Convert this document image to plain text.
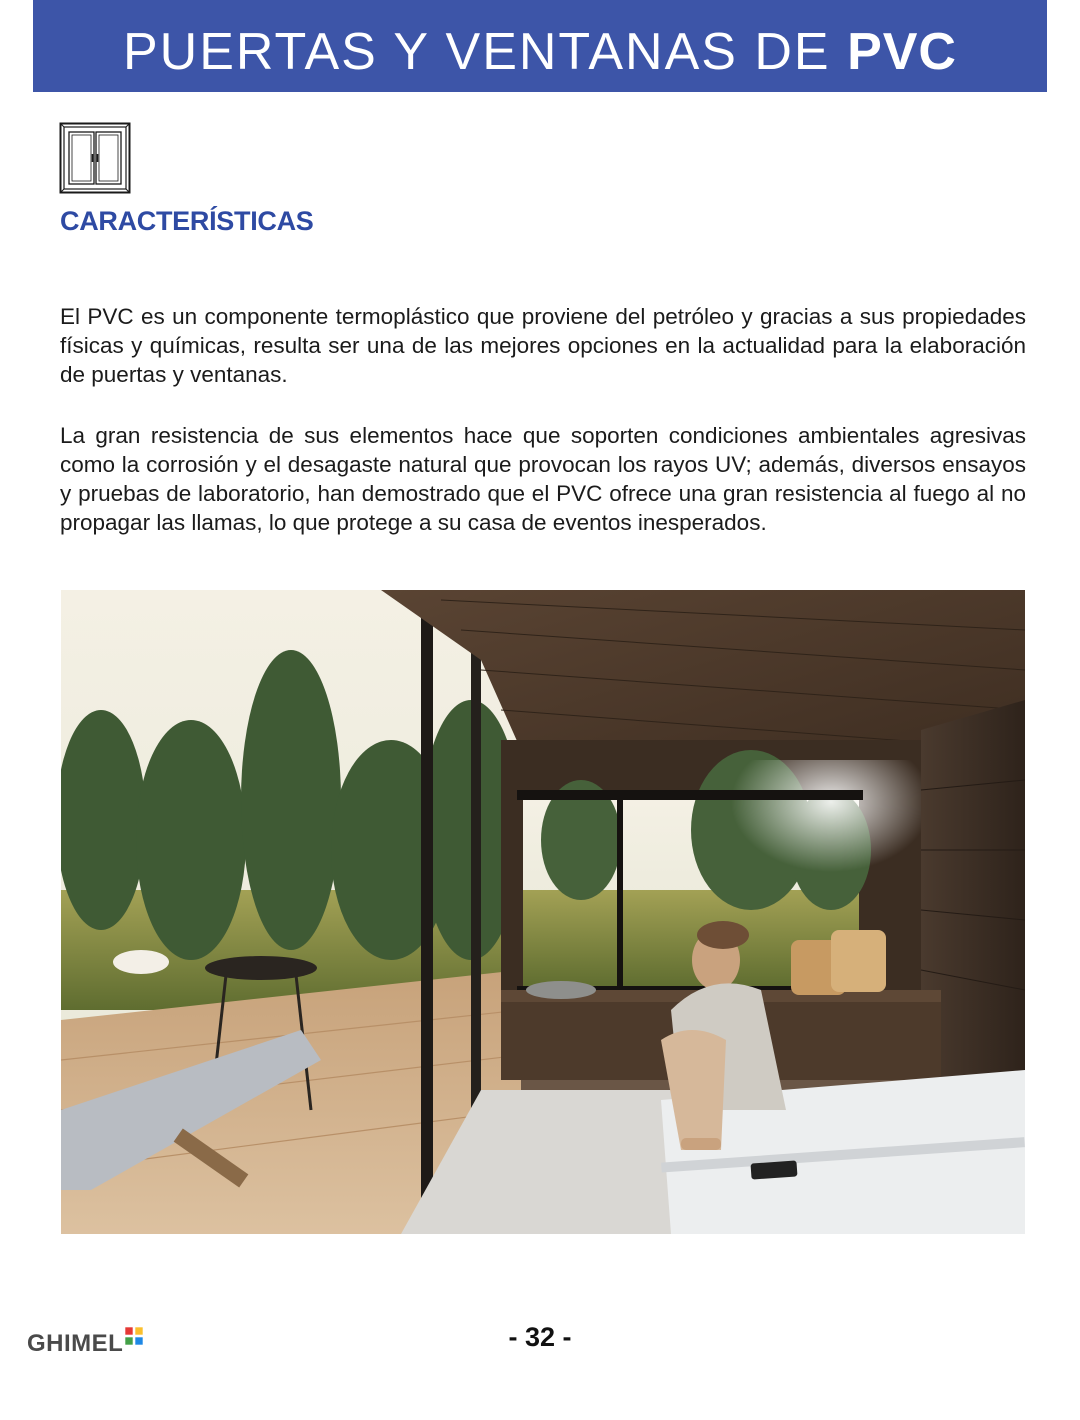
PUERTAS Y VENTANAS DE PVC
CARACTERÍSTICAS

El PVC es un componente termoplástico que proviene del petróleo y gracias a sus propiedades físicas y químicas, resulta ser una de las mejores opciones en la actualidad para la elaboración de puertas y ventanas.

La gran resistencia de sus elementos hace que soporten condiciones ambientales agresivas como la corrosión y el desagaste natural que provocan los rayos UV; además, diversos ensayos y pruebas de laboratorio, han demostrado que el PVC ofrece una gran resistencia al fuego al no propagar las llamas, lo que protege a su casa de eventos inesperados.

GHIMEL	- 32 -
